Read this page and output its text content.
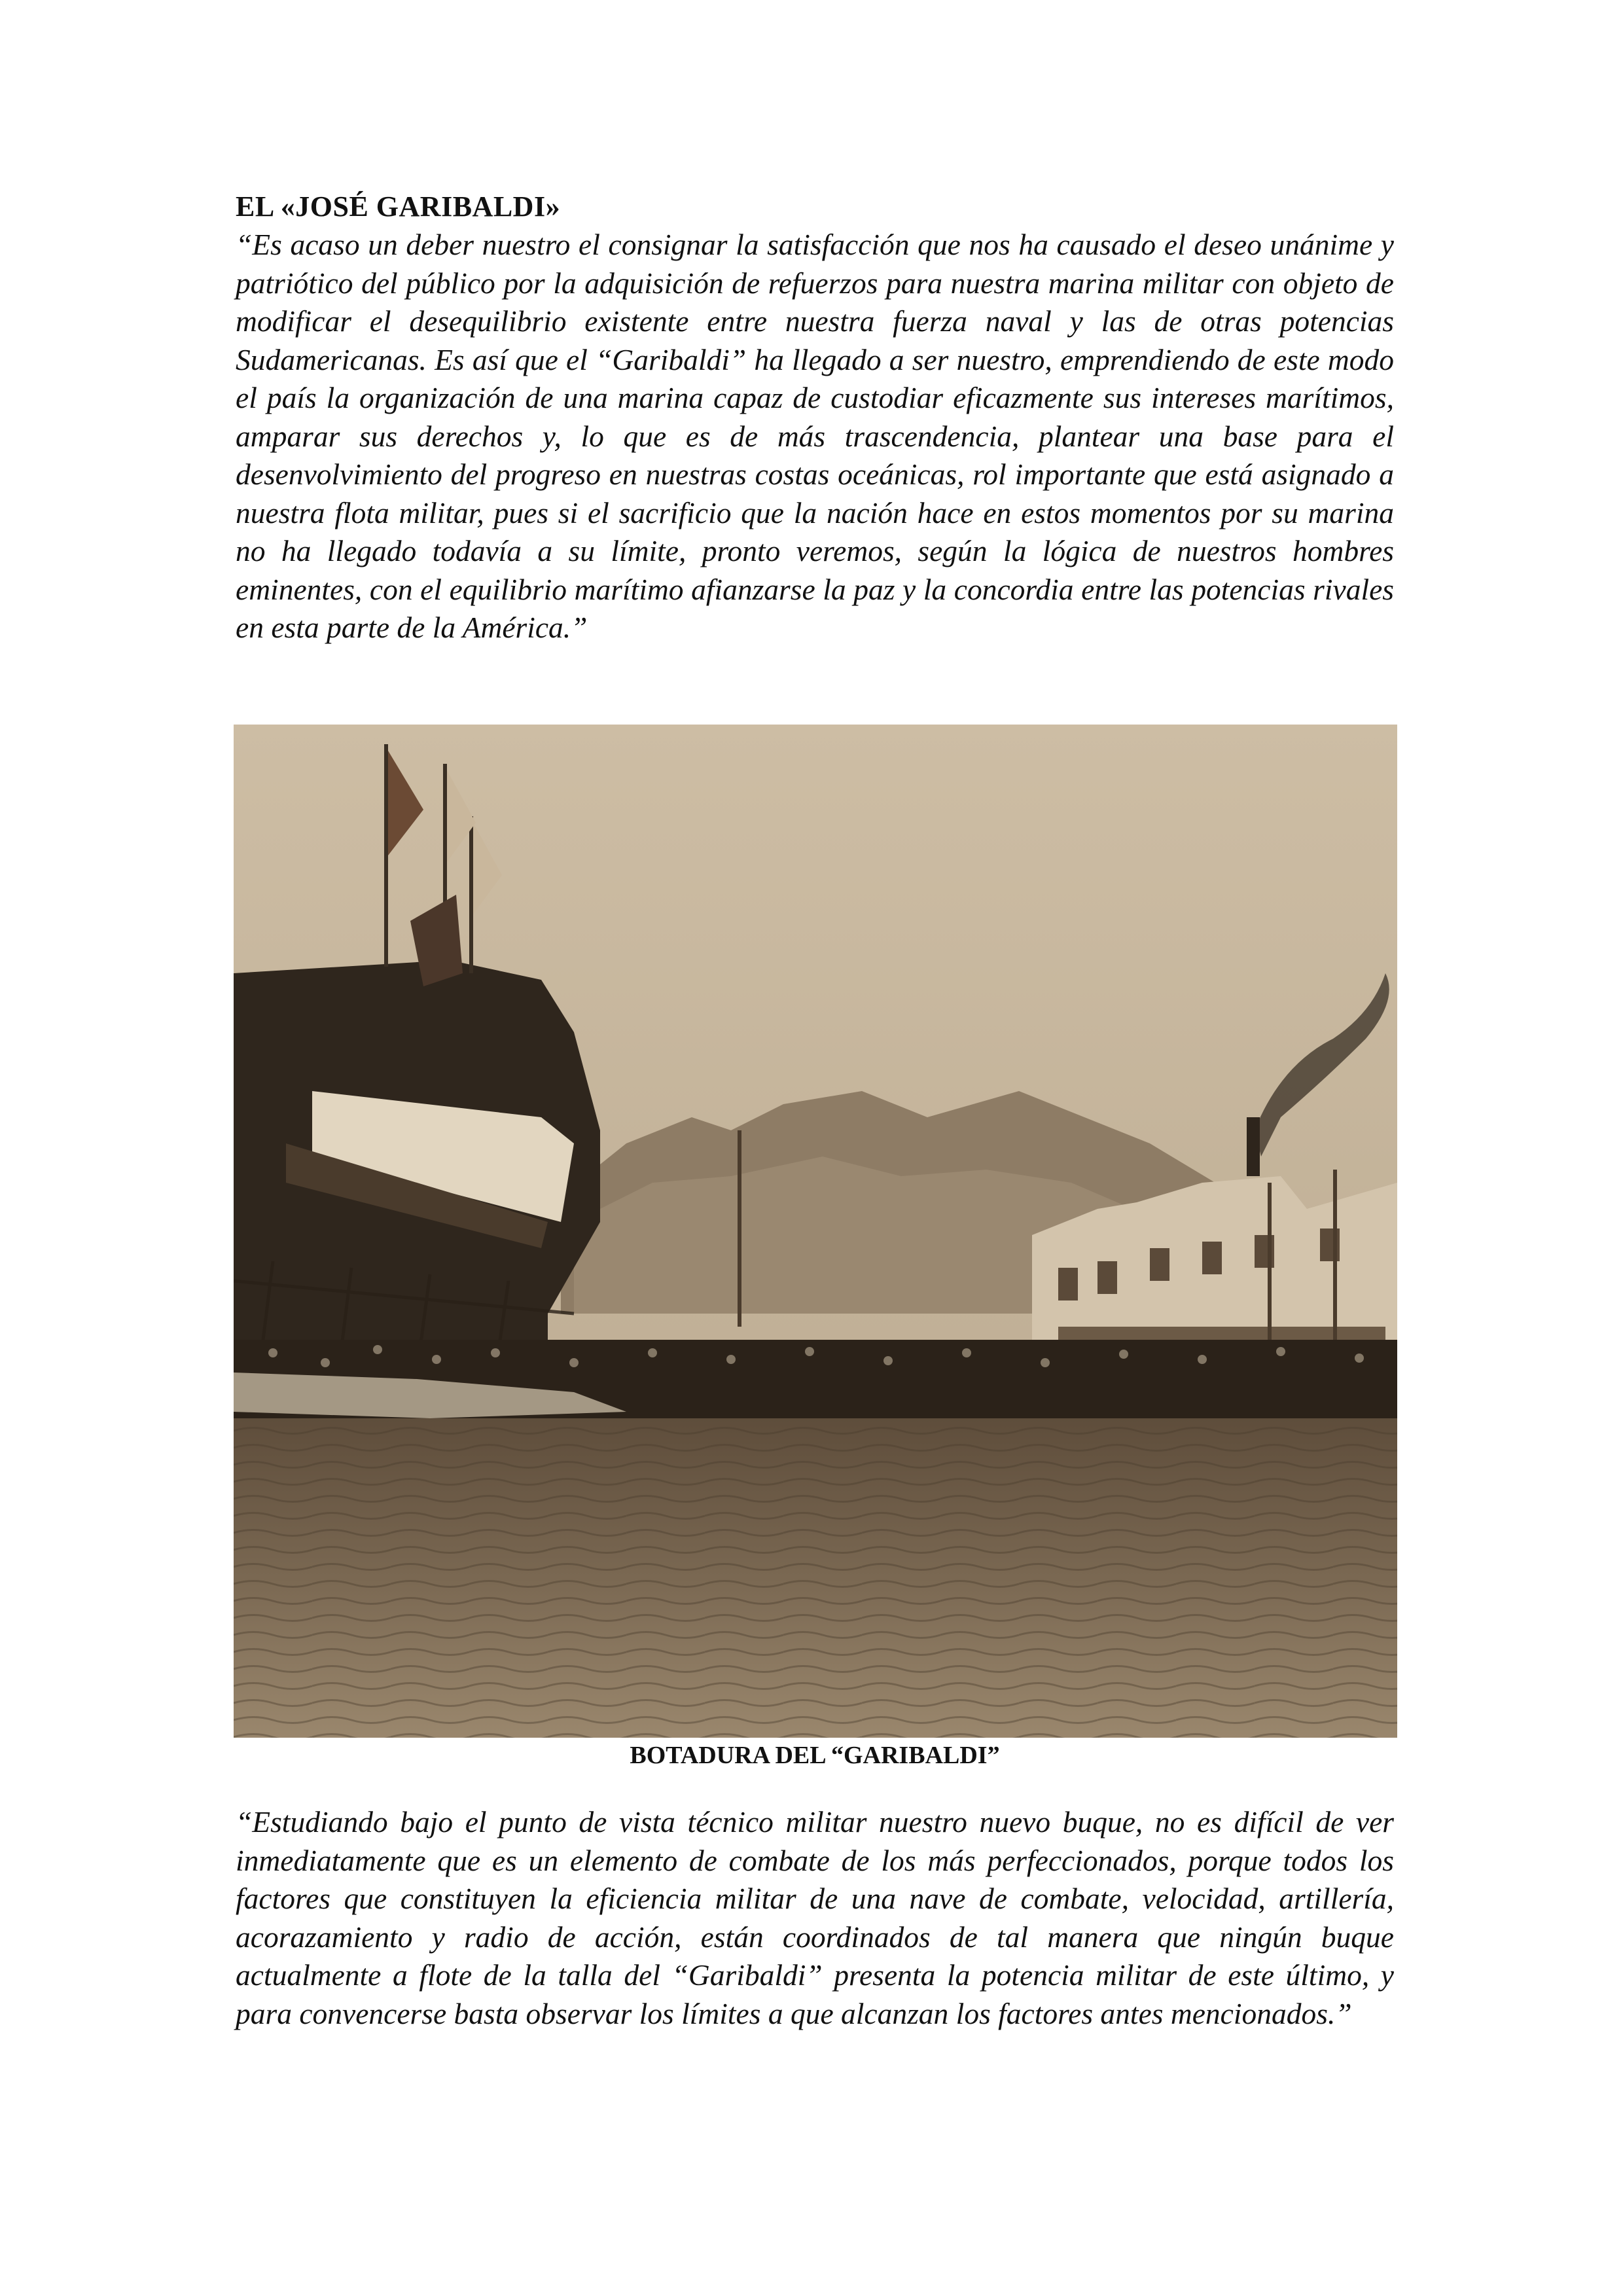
EL «JOSÉ GARIBALDI»

“Es acaso un deber nuestro el consignar la satisfacción que nos ha causado el deseo unánime y patriótico del público por la adquisición de refuerzos para nuestra marina militar con objeto de modificar el desequilibrio existente entre nuestra fuerza naval y las de otras potencias Sudamericanas. Es así que el “Garibaldi” ha llegado a ser nuestro, emprendiendo de este modo el país la organización de una marina capaz de custodiar eficazmente sus intereses marítimos, amparar sus derechos y, lo que es de más trascendencia, plantear una base para el desenvolvimiento del progreso en nuestras costas oceánicas, rol importante que está asignado a nuestra flota militar, pues si el sacrificio que la nación hace en estos momentos por su marina no ha llegado todavía a su límite, pronto veremos, según la lógica de nuestros hombres eminentes, con el equilibrio marítimo afianzarse la paz y la concordia entre las potencias rivales en esta parte de la América.”

BOTADURA DEL “GARIBALDI”

“Estudiando bajo el punto de vista técnico militar nuestro nuevo buque, no es difícil de ver inmediatamente que es un elemento de combate de los más perfeccionados, porque todos los factores que constituyen la eficiencia militar de una nave de combate, velocidad, artillería, acorazamiento y radio de acción, están coordinados de tal manera que ningún buque actualmente a flote de la talla del “Garibaldi” presenta la potencia militar de este último, y para convencerse basta observar los límites a que alcanzan los factores antes mencionados.”
